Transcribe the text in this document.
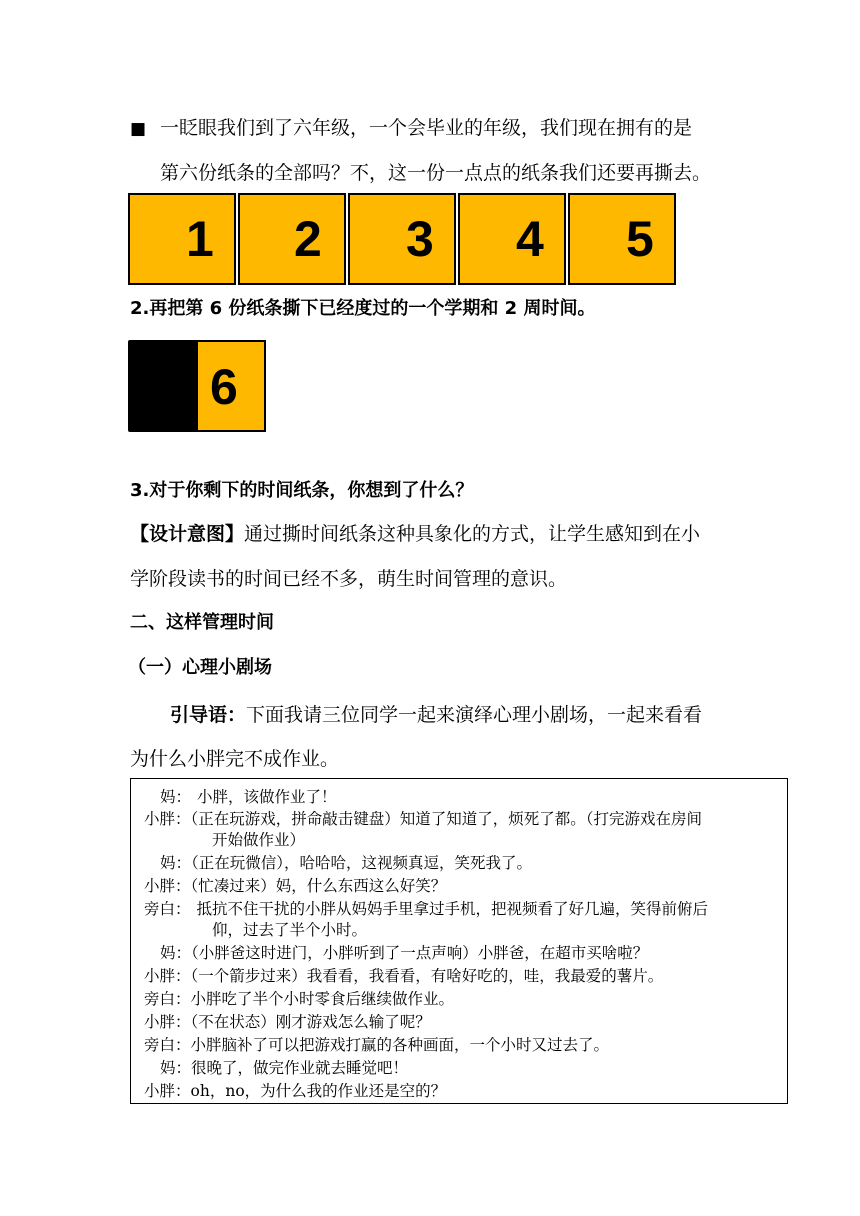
■ 一眨眼我们到了六年级，一个会毕业的年级，我们现在拥有的是
第六份纸条的全部吗？不，这一份一点点的纸条我们还要再撕去。
1 2 3 4 5
2.再把第 6 份纸条撕下已经度过的一个学期和 2 周时间。
6
3.对于你剩下的时间纸条，你想到了什么？
【设计意图】通过撕时间纸条这种具象化的方式，让学生感知到在小
学阶段读书的时间已经不多，萌生时间管理的意识。
二、这样管理时间
（一）心理小剧场
引导语：下面我请三位同学一起来演绎心理小剧场，一起来看看
为什么小胖完不成作业。
妈： 小胖，该做作业了！
小胖：（正在玩游戏，拼命敲击键盘）知道了知道了，烦死了都。（打完游戏在房间
开始做作业）
妈：（正在玩微信），哈哈哈，这视频真逗，笑死我了。
小胖：（忙凑过来）妈，什么东西这么好笑？
旁白： 抵抗不住干扰的小胖从妈妈手里拿过手机，把视频看了好几遍，笑得前俯后
仰，过去了半个小时。
妈：（小胖爸这时进门，小胖听到了一点声响）小胖爸，在超市买啥啦？
小胖：（一个箭步过来）我看看，我看看，有啥好吃的，哇，我最爱的薯片。
旁白：小胖吃了半个小时零食后继续做作业。
小胖：（不在状态）刚才游戏怎么输了呢？
旁白：小胖脑补了可以把游戏打赢的各种画面，一个小时又过去了。
妈：很晚了，做完作业就去睡觉吧！
小胖：oh，no，为什么我的作业还是空的？
